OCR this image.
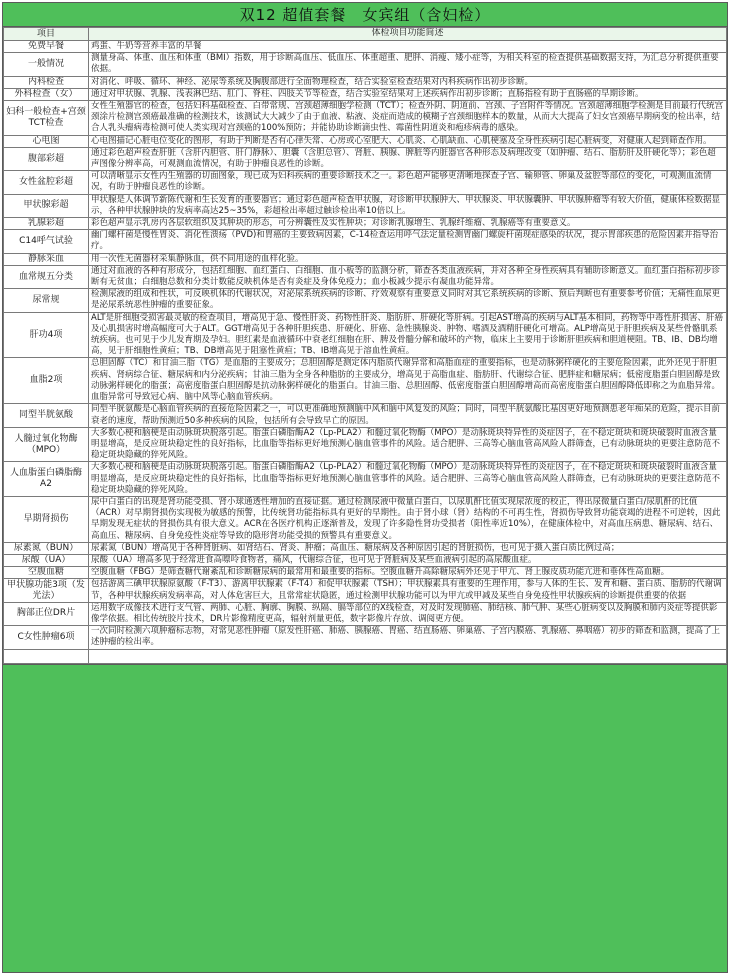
双12 超值套餐　女宾组（含妇检）
项目	体检项目功能简述
免费早餐	鸡蛋、牛奶等营养丰富的早餐
一般情况	测量身高、体重、血压和体重（BMI）指数，用于诊断高血压、低血压、体重超重、肥胖、消瘦、矮小症等，为相关科室的检查提供基础数据支持，为汇总分析提供重要依据。
内科检查	对消化、呼吸、循环、神经、泌尿等系统及胸腹部进行全面物理检查，结合实验室检查结果对内科疾病作出初步诊断。
外科检查（女）	通过对甲状腺、乳腺、浅表淋巴结、肛门、脊柱、四肢关节等检查，结合实验室结果对上述疾病作出初步诊断；直肠指检有助于直肠癌的早期诊断。
妇科一般检查+宫颈TCT检查	女性生殖器官的检查，包括妇科基础检查、白带常规、宫颈超薄细胞学检测（TCT）；检查外阴、阴道前、宫颈、子宫附件等情况。宫颈超薄细胞学检测是目前最行代统宫颈涂片检测宫颈癌最准确的检测技术，该测试大大减少了由于血液、粘液、炎症而造成的模糊子宫颈细胞样本的数量，从而大大提高了妇女宫颈癌早期病变的检出率，结合人乳头瘤病毒检测可使人类实现对宫颈癌的100%预防；并能协助诊断滴虫性、霉菌性阴道炎和疱疹病毒的感染。
心电图	心电图描记心脏电位变化的图形，有助于判断是否有心律失常、心房或心室肥大、心肌炎、心肌缺血、心肌梗塞及全身性疾病引起心脏病变，对健康人起到筛查作用。
腹部彩超	通过彩色超声检查肝脏（含肝内胆管、肝门静脉）、胆囊（含胆总管）、肾脏、胰腺、脾脏等内脏器官各种形态及病理改变（如肿瘤、结石、脂肪肝及肝硬化等）；彩色超声图像分辨率高，可观测血流情况，有助于肿瘤良恶性的诊断。
女性盆腔彩超	可以清晰显示女性内生殖器的切面图象，现已成为妇科疾病的重要诊断技术之一。彩色超声能够更清晰地探查子宫、输卵管、卵巢及盆腔等部位的变化，可观测血流情况，有助于肿瘤良恶性的诊断。
甲状腺彩超	甲状腺是人体调节新陈代谢和生长发育的重要器官；通过彩色超声检查甲状腺，对诊断甲状腺肿大、甲状腺炎、甲状腺囊肿、甲状腺肿瘤等有较大价值，健康体检数据显示，各种甲状腺肿块的发病率高达25~35%，彩超检出率超过触诊检出率10倍以上。
乳腺彩超	彩色超声显示乳房内各层软组织及其肿块的形态，可分辨囊性及实性肿块；对诊断乳腺增生、乳腺纤维瘤、乳腺癌等有重要意义。
C14呼气试验	幽门螺杆菌是慢性胃炎、消化性溃疡（PVD)和胃癌的主要致病因素，C-14检查运用呼气法定量检测胃幽门螺旋杆菌现症感染的状况，提示胃部疾患的危险因素并指导治疗。
静脉采血	用一次性无菌器材采集静脉血，供不同用途的血样化验。
血常规五分类	通过对血液的各种有形成分，包括红细胞、血红蛋白、白细胞、血小板等的监测分析，筛查各类血液疾病，并对各种全身性疾病具有辅助诊断意义。血红蛋白指标初步诊断有无贫血；白细胞总数和分类计数能反映机体是否有炎症及身体免疫力；血小板减少提示有凝血功能异常。
尿常规	检测尿液的组成和性状，可反映机体的代谢状况，对泌尿系统疾病的诊断、疗效观察有重要意义同时对其它系统疾病的诊断、预后判断也有重要参考价值；无痛性血尿更是泌尿系统恶性肿瘤的重要征象。
肝功4项	ALT是肝细胞受损害最灵敏的检查项目，增高见于急、慢性肝炎、药物性肝炎、脂肪肝、肝硬化等肝病。引起AST增高的疾病与ALT基本相同，药物等中毒性肝损害、肝癌及心肌损害时增高幅度可大于ALT。GGT增高见于各种肝胆疾患、肝硬化、肝癌、急性胰腺炎、肿物、嗜酒及酒精肝硬化可增高。ALP增高见于肝胆疾病及某些骨骼肌系统疾病。也可见于少儿发育期及孕妇。胆红素是血液循环中衰老红细胞在肝、脾及骨髓分解和破坏的产物，临床上主要用于诊断肝胆疾病和胆道梗阻。TB、IB、DB均增高，见于肝细胞性黄疸；TB、DB增高见于阻塞性黄疸；TB、IB增高见于溶血性黄疸。
血脂2项	总胆固醇（TC）和甘油三脂（TG）是血脂的主要成分；总胆固醇是测定体内脂质代谢异常和高脂血症的重要指标，也是动脉粥样硬化的主要危险因素，此外还见于肝胆疾病、肾病综合征、糖尿病和内分泌疾病；甘油三脂为全身各种脂肪的主要成分，增高见于高脂血症、脂肪肝、代谢综合征、肥胖症和糖尿病；低密度脂蛋白胆固醇是致动脉粥样硬化的脂蛋；高密度脂蛋白胆固醇是抗动脉粥样硬化的脂蛋白。甘油三脂、总胆固醇、低密度脂蛋白胆固醇增高而高密度脂蛋白胆固醇降低即称之为血脂异常。血脂异常可导致冠心病、脑中风等心脑血管疾病。
同型半胱氨酸	同型半胱氨酸是心脑血管疾病的直接危险因素之一，可以更准确地预测脑中风和脑中风复发的风险；同时，同型半胱氨酸比基因更好地预测患老年痴呆的危险，提示目前衰老的速度，帮助预测近50多种疾病的风险，包括所有会导致早亡的原因。
人髓过氧化物酶（MPO）	大多数心梗和脑梗是由动脉斑块脱落引起。脂蛋白磷脂酶A2（Lp-PLA2）和髓过氧化物酶（MPO）是动脉斑块特异性的炎症因子，在不稳定斑块和斑块破裂时血液含量明显增高，是反应斑块稳定性的良好指标，比血脂等指标更好地预测心脑血管事件的风险。适合肥胖、三高等心脑血管高风险人群筛查，已有动脉斑块的更要注意防范不稳定斑块隐藏的猝死风险。
人血脂蛋白磷脂酶A2	大多数心梗和脑梗是由动脉斑块脱落引起。脂蛋白磷脂酶A2（Lp-PLA2）和髓过氧化物酶（MPO）是动脉斑块特异性的炎症因子，在不稳定斑块和斑块破裂时血液含量明显增高，是反应斑块稳定性的良好指标，比血脂等指标更好地预测心脑血管事件的风险。适合肥胖、三高等心脑血管高风险人群筛查，已有动脉斑块的更要注意防范不稳定斑块隐藏的猝死风险。
早期肾损伤	尿中白蛋白的出现是肾功能受损、肾小球通透性增加的直接证据。通过检测尿液中微量白蛋白，以尿肌酐比值实现尿浓度的校正，得出尿微量白蛋白/尿肌酐的比值（ACR）对早期肾损伤实现极为敏感的预警，比传统肾功能指标具有更好的早期性。由于肾小球（肾）结构的不可再生性，肾损伤导致肾功能衰竭的进程不可逆转，因此早期发现无症状的肾损伤具有很大意义。ACR在各医疗机构正逐渐普及，发现了许多隐性肾功受损者（阳性率近10%），在健康体检中，对高血压病患、糖尿病、结石、高血压、糖尿病、自身免疫性炎症等导致的隐形肾功能受损的预警具有重要意义。
尿素氮（BUN）	尿素氮（BUN）增高见于各种肾脏病、如肾结石、肾炎、肿瘤；高血压、糖尿病及各种原因引起的肾脏损伤，也可见于摄入蛋白质比例过高；
尿酸（UA）	尿酸（UA）增高多见于经常进食高嘌呤食物者，痛风，代谢综合征，也可见于肾脏病及某些血液病引起的高尿酸血症。
空腹血糖	空腹血糖（FBG）是筛查糖代谢紊乱和诊断糖尿病的最常用和最重要的指标。空腹血糖升高除糖尿病外还见于甲亢、肾上腺皮质功能亢进和垂体性高血糖。
甲状腺功能3项（发光法）	包括游离三碘甲状腺原氨酸（F-T3）、游离甲状腺素（F-T4）和促甲状腺素（TSH）；甲状腺素具有重要的生理作用，参与人体的生长、发育和糖、蛋白质、脂肪的代谢调节，各种甲状腺疾病发病率高，对人体危害巨大，且常常症状隐匿，通过检测甲状腺功能可以为甲亢或甲减及某些自身免疫性甲状腺疾病的诊断提供重要的依据
胸部正位DR片	运用数字成像技术进行支气管、两肺、心脏、胸廓、胸膜、纵隔、膈等部位的X线检查，对及时发现肺癌、肺结核、肺气肿、某些心脏病变以及胸膜和肺内炎症等提供影像学依据。相比传统胶片技术，DR片影像精度更高，辐射剂量更低，数字影像片存放、调阅更方便。
C女性肿瘤6项	一次同时检测六项肿瘤标志物，对常见恶性肿瘤（原发性肝癌、肺癌、胰腺癌、胃癌、结直肠癌、卵巢癌、子宫内膜癌、乳腺癌、鼻咽癌）初步的筛查和监测，提高了上述肿瘤的检出率。
